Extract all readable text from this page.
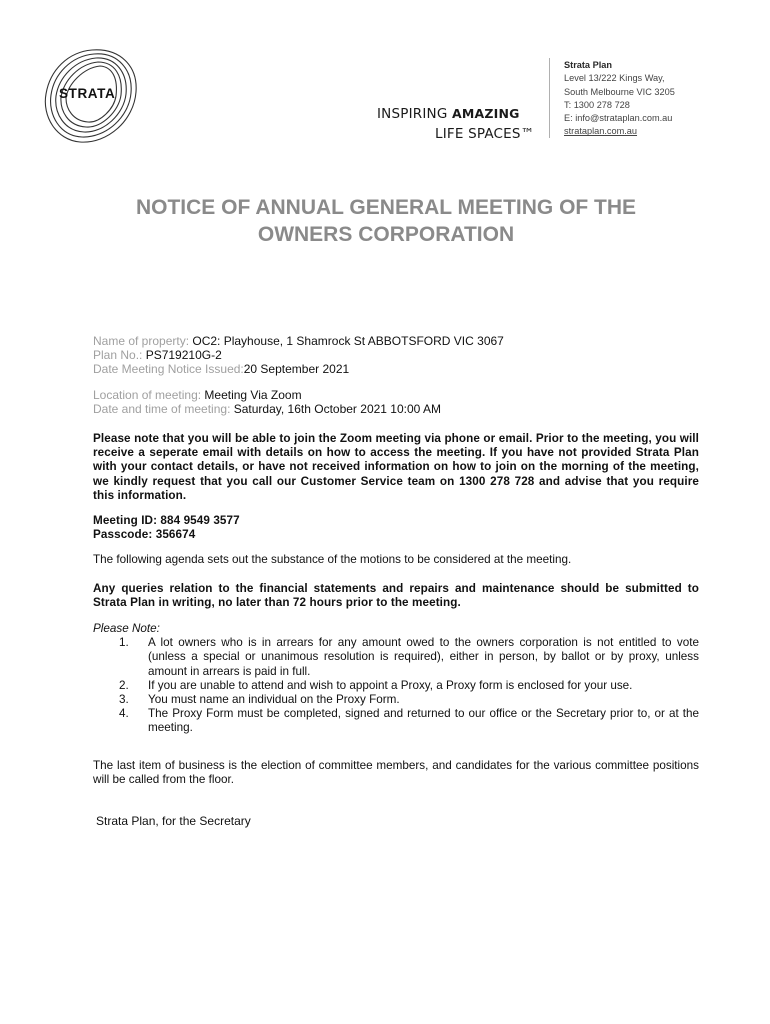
STRATA
INSPIRING AMAZING
LIFE SPACES™
Strata Plan
Level 13/222 Kings Way,
South Melbourne VIC 3205
T: 1300 278 728
E: info@strataplan.com.au
strataplan.com.au
NOTICE OF ANNUAL GENERAL MEETING OF THE
OWNERS CORPORATION
Name of property: OC2: Playhouse, 1 Shamrock St ABBOTSFORD VIC 3067
Plan No.: PS719210G-2
Date Meeting Notice Issued:20 September 2021
Location of meeting: Meeting Via Zoom
Date and time of meeting: Saturday, 16th October 2021 10:00 AM
Please note that you will be able to join the Zoom meeting via phone or email. Prior to the meeting, you will receive a seperate email with details on how to access the meeting. If you have not provided Strata Plan with your contact details, or have not received information on how to join on the morning of the meeting, we kindly request that you call our Customer Service team on 1300 278 728 and advise that you require this information.
Meeting ID: 884 9549 3577
Passcode: 356674
The following agenda sets out the substance of the motions to be considered at the meeting.
Any queries relation to the financial statements and repairs and maintenance should be submitted to Strata Plan in writing, no later than 72 hours prior to the meeting.
Please Note:
1.	A lot owners who is in arrears for any amount owed to the owners corporation is not entitled to vote (unless a special or unanimous resolution is required), either in person, by ballot or by proxy, unless amount in arrears is paid in full.
2.	If you are unable to attend and wish to appoint a Proxy, a Proxy form is enclosed for your use.
3.	You must name an individual on the Proxy Form.
4.	The Proxy Form must be completed, signed and returned to our office or the Secretary prior to, or at the meeting.
The last item of business is the election of committee members, and candidates for the various committee positions will be called from the floor.
Strata Plan, for the Secretary
